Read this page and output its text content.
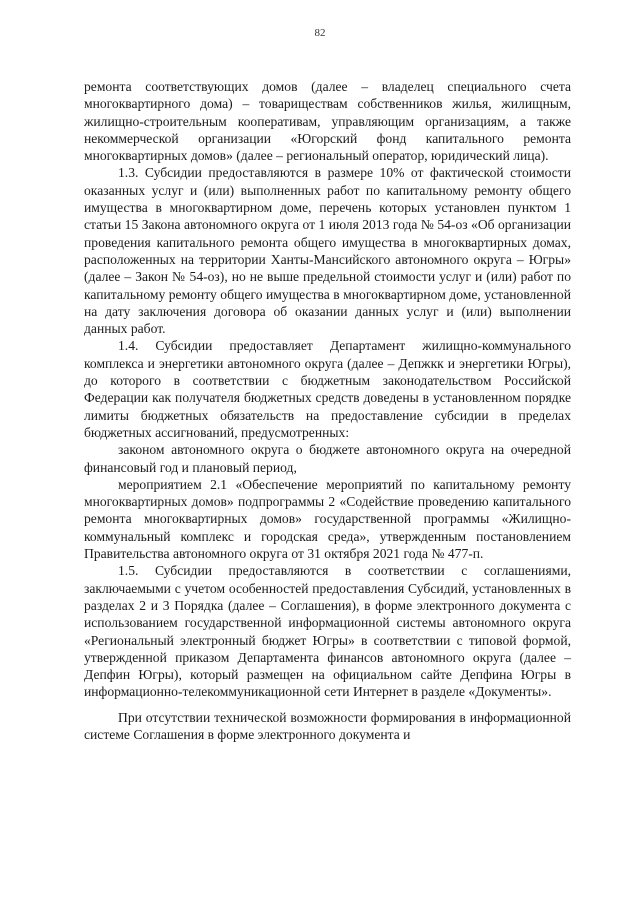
82

ремонта соответствующих домов (далее – владелец специального счета многоквартирного дома) – товариществам собственников жилья, жилищным, жилищно-строительным кооперативам, управляющим организациям, а также некоммерческой организации «Югорский фонд капитального ремонта многоквартирных домов» (далее – региональный оператор, юридический лица).

1.3. Субсидии предоставляются в размере 10% от фактической стоимости оказанных услуг и (или) выполненных работ по капитальному ремонту общего имущества в многоквартирном доме, перечень которых установлен пунктом 1 статьи 15 Закона автономного округа от 1 июля 2013 года № 54-оз «Об организации проведения капитального ремонта общего имущества в многоквартирных домах, расположенных на территории Ханты-Мансийского автономного округа – Югры» (далее – Закон № 54-оз), но не выше предельной стоимости услуг и (или) работ по капитальному ремонту общего имущества в многоквартирном доме, установленной на дату заключения договора об оказании данных услуг и (или) выполнении данных работ.

1.4. Субсидии предоставляет Департамент жилищно-коммунального комплекса и энергетики автономного округа (далее – Депжкк и энергетики Югры), до которого в соответствии с бюджетным законодательством Российской Федерации как получателя бюджетных средств доведены в установленном порядке лимиты бюджетных обязательств на предоставление субсидии в пределах бюджетных ассигнований, предусмотренных:

законом автономного округа о бюджете автономного округа на очередной финансовый год и плановый период,

мероприятием 2.1 «Обеспечение мероприятий по капитальному ремонту многоквартирных домов» подпрограммы 2 «Содействие проведению капитального ремонта многоквартирных домов» государственной программы «Жилищно-коммунальный комплекс и городская среда», утвержденным постановлением Правительства автономного округа от 31 октября 2021 года № 477-п.

1.5. Субсидии предоставляются в соответствии с соглашениями, заключаемыми с учетом особенностей предоставления Субсидий, установленных в разделах 2 и 3 Порядка (далее – Соглашения), в форме электронного документа с использованием государственной информационной системы автономного округа «Региональный электронный бюджет Югры» в соответствии с типовой формой, утвержденной приказом Департамента финансов автономного округа (далее – Депфин Югры), который размещен на официальном сайте Депфина Югры в информационно-телекоммуникационной сети Интернет в разделе «Документы».

При отсутствии технической возможности формирования в информационной системе Соглашения в форме электронного документа и
